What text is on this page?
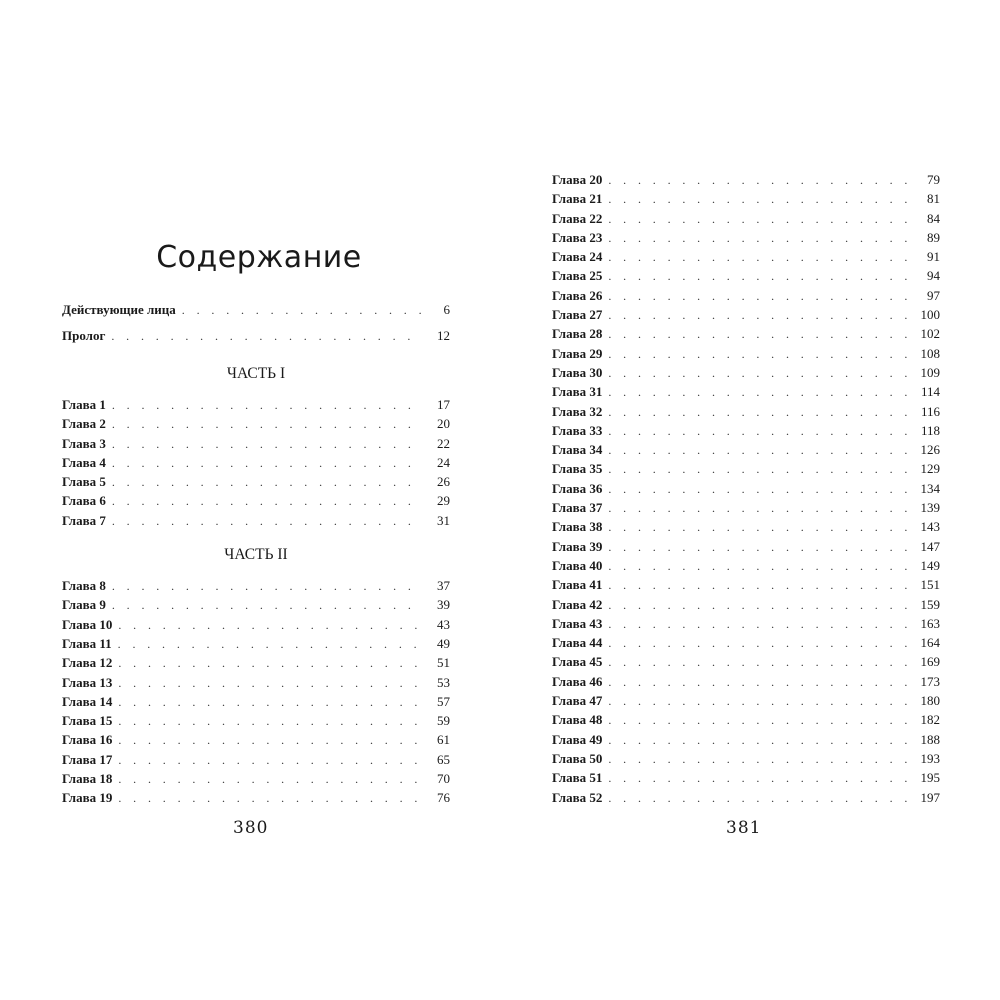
Содержание
Действующие лица . . .	6
Пролог . . .	12
ЧАСТЬ I
Глава 1 . . .	17
Глава 2 . . .	20
Глава 3 . . .	22
Глава 4 . . .	24
Глава 5 . . .	26
Глава 6 . . .	29
Глава 7 . . .	31
ЧАСТЬ II
Глава 8 . . .	37
Глава 9 . . .	39
Глава 10 . . .	43
Глава 11 . . .	49
Глава 12 . . .	51
Глава 13 . . .	53
Глава 14 . . .	57
Глава 15 . . .	59
Глава 16 . . .	61
Глава 17 . . .	65
Глава 18 . . .	70
Глава 19 . . .	76
Глава 20 . . .	79
Глава 21 . . .	81
Глава 22 . . .	84
Глава 23 . . .	89
Глава 24 . . .	91
Глава 25 . . .	94
Глава 26 . . .	97
Глава 27 . . .	100
Глава 28 . . .	102
Глава 29 . . .	108
Глава 30 . . .	109
Глава 31 . . .	114
Глава 32 . . .	116
Глава 33 . . .	118
Глава 34 . . .	126
Глава 35 . . .	129
Глава 36 . . .	134
Глава 37 . . .	139
Глава 38 . . .	143
Глава 39 . . .	147
Глава 40 . . .	149
Глава 41 . . .	151
Глава 42 . . .	159
Глава 43 . . .	163
Глава 44 . . .	164
Глава 45 . . .	169
Глава 46 . . .	173
Глава 47 . . .	180
Глава 48 . . .	182
Глава 49 . . .	188
Глава 50 . . .	193
Глава 51 . . .	195
Глава 52 . . .	197
380	381
